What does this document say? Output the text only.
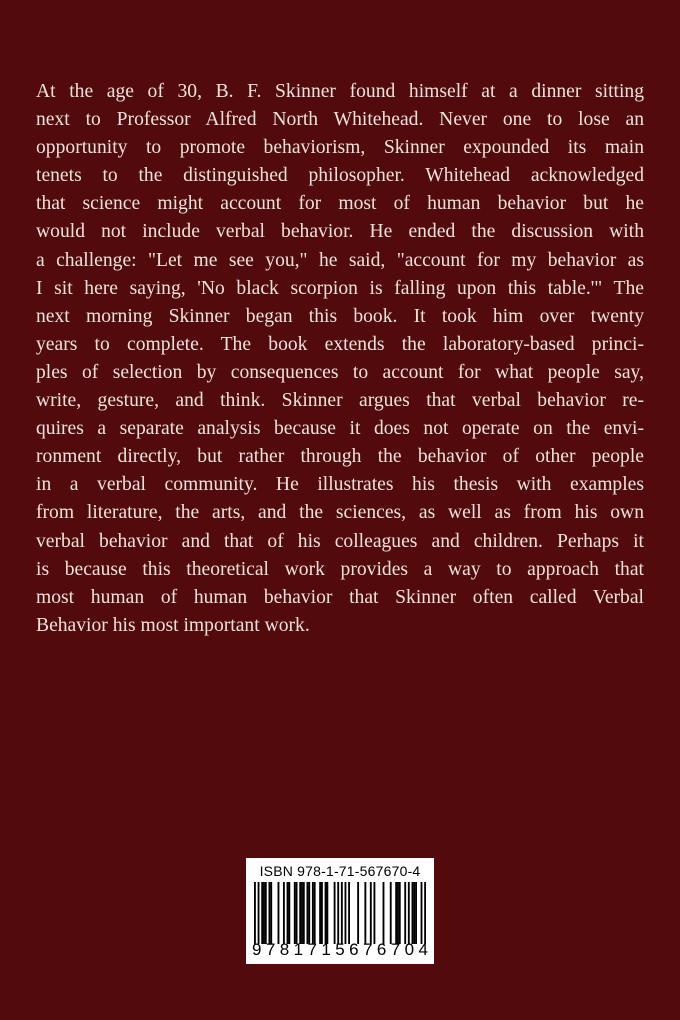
At the age of 30, B. F. Skinner found himself at a dinner sitting
next to Professor Alfred North Whitehead. Never one to lose an
opportunity to promote behaviorism, Skinner expounded its main
tenets to the distinguished philosopher. Whitehead acknowledged
that science might account for most of human behavior but he
would not include verbal behavior. He ended the discussion with
a challenge: "Let me see you," he said, "account for my behavior as
I sit here saying, 'No black scorpion is falling upon this table.'" The
next morning Skinner began this book. It took him over twenty
years to complete. The book extends the laboratory-based princi-
ples of selection by consequences to account for what people say,
write, gesture, and think. Skinner argues that verbal behavior re-
quires a separate analysis because it does not operate on the envi-
ronment directly, but rather through the behavior of other people
in a verbal community. He illustrates his thesis with examples
from literature, the arts, and the sciences, as well as from his own
verbal behavior and that of his colleagues and children. Perhaps it
is because this theoretical work provides a way to approach that
most human of human behavior that Skinner often called Verbal
Behavior his most important work.

ISBN 978-1-71-567670-4
9 7 8 1 7 1 5 6 7 6 7 0 4
